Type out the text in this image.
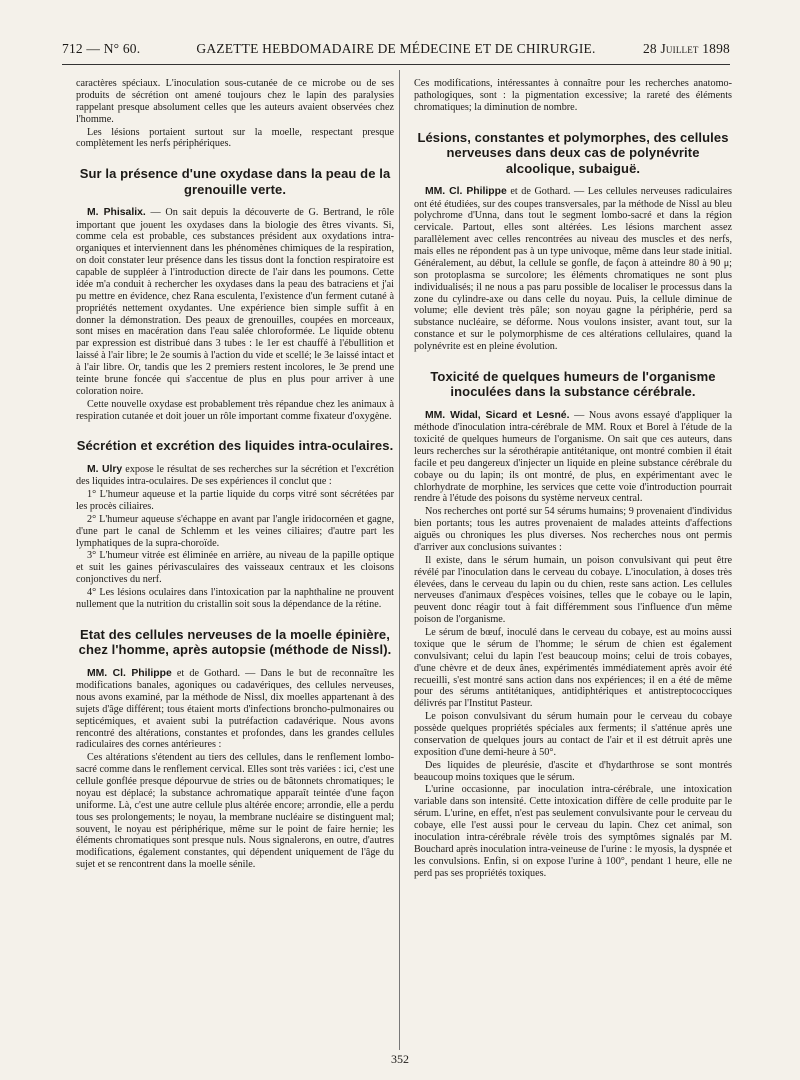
712 — N° 60.	GAZETTE HEBDOMADAIRE DE MÉDECINE ET DE CHIRURGIE.	28 Juillet 1898

caractères spéciaux. L'inoculation sous-cutanée de ce microbe ou de ses produits de sécrétion ont amené toujours chez le lapin des paralysies rappelant presque absolument celles que les auteurs avaient observées chez l'homme.

Les lésions portaient surtout sur la moelle, respectant presque complètement les nerfs périphériques.

Sur la présence d'une oxydase dans la peau de la grenouille verte.

M. Phisalix. — On sait depuis la découverte de G. Bertrand, le rôle important que jouent les oxydases dans la biologie des êtres vivants. Si, comme cela est probable, ces substances président aux oxydations intra-organiques et interviennent dans les phénomènes chimiques de la respiration, on doit constater leur présence dans les tissus dont la fonction respiratoire est capable de suppléer à l'introduction directe de l'air dans les poumons. Cette idée m'a conduit à rechercher les oxydases dans la peau des batraciens et j'ai pu mettre en évidence, chez Rana esculenta, l'existence d'un ferment cutané à propriétés nettement oxydantes. Une expérience bien simple suffit à en donner la démonstration. Des peaux de grenouilles, coupées en morceaux, sont mises en macération dans l'eau salée chloroformée. Le liquide obtenu par expression est distribué dans 3 tubes : le 1er est chauffé à l'ébullition et laissé à l'air libre; le 2e soumis à l'action du vide et scellé; le 3e laissé intact et à l'air libre. Or, tandis que les 2 premiers restent incolores, le 3e prend une teinte brune foncée qui s'accentue de plus en plus pour arriver à une coloration noire.

Cette nouvelle oxydase est probablement très répandue chez les animaux à respiration cutanée et doit jouer un rôle important comme fixateur d'oxygène.

Sécrétion et excrétion des liquides intra-oculaires.

M. Ulry expose le résultat de ses recherches sur la sécrétion et l'excrétion des liquides intra-oculaires. De ses expériences il conclut que :

1° L'humeur aqueuse et la partie liquide du corps vitré sont sécrétées par les procès ciliaires.

2° L'humeur aqueuse s'échappe en avant par l'angle iridocornéen et gagne, d'une part le canal de Schlemm et les veines ciliaires; d'autre part les lymphatiques de la supra-choroïde.

3° L'humeur vitrée est éliminée en arrière, au niveau de la papille optique et suit les gaines périvasculaires des vaisseaux centraux et les cloisons conjonctives du nerf.

4° Les lésions oculaires dans l'intoxication par la naphthaline ne prouvent nullement que la nutrition du cristallin soit sous la dépendance de la rétine.

Etat des cellules nerveuses de la moelle épinière, chez l'homme, après autopsie (méthode de Nissl).

MM. Cl. Philippe et de Gothard. — Dans le but de reconnaître les modifications banales, agoniques ou cadavériques, des cellules nerveuses, nous avons examiné, par la méthode de Nissl, dix moelles appartenant à des sujets d'âge différent; tous étaient morts d'infections broncho-pulmonaires ou septicémiques, et avaient subi la putréfaction cadavérique. Nous avons rencontré des altérations, constantes et profondes, dans les grandes cellules radiculaires des cornes antérieures :

Ces altérations s'étendent au tiers des cellules, dans le renflement lombo-sacré comme dans le renflement cervical. Elles sont très variées : ici, c'est une cellule gonflée presque dépourvue de stries ou de bâtonnets chromatiques; le noyau est déplacé; la substance achromatique apparaît teintée d'une façon uniforme. Là, c'est une autre cellule plus altérée encore; arrondie, elle a perdu tous ses prolongements; le noyau, la membrane nucléaire se distinguent mal; souvent, le noyau est périphérique, même sur le point de faire hernie; les éléments chromatiques sont presque nuls. Nous signalerons, en outre, d'autres modifications, également constantes, qui dépendent uniquement de l'âge du sujet et se rencontrent dans la moelle sénile.

Ces modifications, intéressantes à connaître pour les recherches anatomo-pathologiques, sont : la pigmentation excessive; la rareté des éléments chromatiques; la diminution de nombre.

Lésions, constantes et polymorphes, des cellules nerveuses dans deux cas de polynévrite alcoolique, subaiguë.

MM. Cl. Philippe et de Gothard. — Les cellules nerveuses radiculaires ont été étudiées, sur des coupes transversales, par la méthode de Nissl au bleu polychrome d'Unna, dans tout le segment lombo-sacré et dans la région cervicale. Partout, elles sont altérées. Les lésions marchent assez parallèlement avec celles rencontrées au niveau des muscles et des nerfs, mais elles ne répondent pas à un type univoque, même dans leur stade initial. Généralement, au début, la cellule se gonfle, de façon à atteindre 80 à 90 μ; son protoplasma se surcolore; les éléments chromatiques ne sont plus individualisés; il ne nous a pas paru possible de localiser le processus dans la zone du cylindre-axe ou dans celle du noyau. Puis, la cellule diminue de volume; elle devient très pâle; son noyau gagne la périphérie, perd sa substance nucléaire, se déforme. Nous voulons insister, avant tout, sur la constance et sur le polymorphisme de ces altérations cellulaires, quand la polynévrite est en pleine évolution.

Toxicité de quelques humeurs de l'organisme inoculées dans la substance cérébrale.

MM. Widal, Sicard et Lesné. — Nous avons essayé d'appliquer la méthode d'inoculation intra-cérébrale de MM. Roux et Borel à l'étude de la toxicité de quelques humeurs de l'organisme. On sait que ces auteurs, dans leurs recherches sur la sérothérapie antitétanique, ont montré combien il était facile et peu dangereux d'injecter un liquide en pleine substance cérébrale du cobaye ou du lapin; ils ont montré, de plus, en expérimentant avec le chlorhydrate de morphine, les services que cette voie d'introduction pourrait rendre à l'étude des poisons du système nerveux central.

Nos recherches ont porté sur 54 sérums humains; 9 provenaient d'individus bien portants; tous les autres provenaient de malades atteints d'affections aiguës ou chroniques les plus diverses. Nos recherches nous ont permis d'arriver aux conclusions suivantes :

Il existe, dans le sérum humain, un poison convulsivant qui peut être révélé par l'inoculation dans le cerveau du cobaye. L'inoculation, à doses très élevées, dans le cerveau du lapin ou du chien, reste sans action. Les cellules nerveuses d'animaux d'espèces voisines, telles que le cobaye ou le lapin, peuvent donc réagir tout à fait différemment sous l'influence d'un même poison de l'organisme.

Le sérum de bœuf, inoculé dans le cerveau du cobaye, est au moins aussi toxique que le sérum de l'homme; le sérum de chien est également convulsivant; celui du lapin l'est beaucoup moins; celui de trois cobayes, d'une chèvre et de deux ânes, expérimentés immédiatement après avoir été recueilli, s'est montré sans action dans nos expériences; il en a été de même pour des sérums antitétaniques, antidiphtériques et antistreptococciques délivrés par l'Institut Pasteur.

Le poison convulsivant du sérum humain pour le cerveau du cobaye possède quelques propriétés spéciales aux ferments; il s'atténue après une conservation de quelques jours au contact de l'air et il est détruit après une exposition d'une demi-heure à 50°.

Des liquides de pleurésie, d'ascite et d'hydarthrose se sont montrés beaucoup moins toxiques que le sérum.

L'urine occasionne, par inoculation intra-cérébrale, une intoxication variable dans son intensité. Cette intoxication diffère de celle produite par le sérum. L'urine, en effet, n'est pas seulement convulsivante pour le cerveau du cobaye, elle l'est aussi pour le cerveau du lapin. Chez cet animal, son inoculation intra-cérébrale révèle trois des symptômes signalés par M. Bouchard après inoculation intra-veineuse de l'urine : le myosis, la dyspnée et les convulsions. Enfin, si on expose l'urine à 100°, pendant 1 heure, elle ne perd pas ses propriétés toxiques.

352
